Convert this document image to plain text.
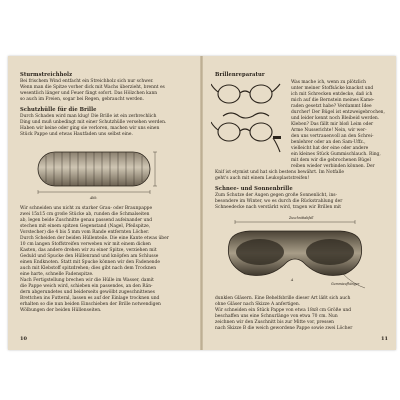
Sturmstreichholz

Bei frischem Wind entfacht ein Streichholz sich nur schwer.

Wenn man die Spitze vorher dick mit Wachs überzieht, brennt es

wesentlich länger und Feuer fängt sofort. Das Hölzchen kann

so auch im Freien, sogar bei Regen, gebraucht werden.

Schutzhülle für die Brille

Durch Schaden wird man klug! Die Brille ist ein zerbrechlich

Ding und muß unbedingt mit einer Schutzhülle versehen werden.

Haben wir keine oder ging sie verloren, machen wir uns einen

Stück Pappe und etwas Hautfaden uns selbst eine.

Abb.

Wir schneiden uns nicht zu starker Grau- oder Braunpappe

zwei 15x15 cm große Stücke ab, runden die Schmalseiten

ab, legen beide Zuschnitte genau passend aufeinander und

stechen mit einem spitzen Gegenstand (Nagel, Pfeilspitze,

Vorstecher) die 4 bis 5 mm vom Rande entfernten Löcher.

Durch Scheiden der beiden Hüllenteile. Die eine Kante etwas über

10 cm langen Stoffstreifen verweben wir mit einem dicken

Kasten, das andere drehen wir zu einer Spitze, verziehen mit

Geduld und Spucke den Hüllenrand und knöpfen am Schlusse

einen Endknoten. Statt mit Spucke können wir den Fadenende

auch mit Klebstoff spitzdrehen; dies gibt nach dem Trocknen

eine harte, schnelle Fadenspitze.

Nach Fertigstellung brechen wir die Hülle im Wasser, damit

die Pappe weich wird, schieben ein passendes, an den Rän-

dern abgerundetes und beiderseits gewölbt zugeschnittenes

Brettchen ins Futteral, lassen es auf der Einlage trocknen und

erhalten so die nun beiden Einschieben der Brille notwendigen

Wölbungen der beiden Hüllenseiten.

10
Brillenreparatur

Was mache ich, wenn zu plötzlich

unter meiner Stoffsäcke knackst und

ich mit Schrecken entdecke, daß ich

mich auf die Bernstein meines Kame-

raden gesetzt habe? Verdammt Idee

durcher! Der Bügel ist entzweigebrochen,

und leider kennt noch Bleibeid werden.

Kleben? Das fällt mir bloß Leim oder

Arme Nusserichte! Nein, wir wer-

den uns vertrauenvoll an den Schrei-

benlehrer oder an den Sam-Uffz.,

vielleicht hat der eine oder andere

ein kleines Stück Gummischlauch. Ring,

mit dem wir die gebrochenen Bügel

reiben wieder verbinden können. Der

Knif ist etymist und hat sich bestens bewährt. Im Notfalle

geht's auch mit einem Leukoplaststreifen!

Schnee- und Sonnenbrille

Zum Schutze der Augen gegen große Sonnenlicht, ins-

besondere im Winter, wo es durch die Rückstrahlung der

Schneedecke nach verstärkt wird, tragen wir Brillen mit

Zuschnittabfall
A
Gummiaufhänger

dunklen Gläsern. Eine Behelfsbrille dieser Art läßt sich auch

ohne Gläser nach Skizze A anfertigen.

Wir schneiden ein Stück Pappe von etwa 18x8 cm Größe und

beschaffen uns eine Schnurlänge von etwa 70 cm. Nun

zeichnen wir den Zuschnitt bis zur Mitte vor, pressen

nach Skizze B die weich gewordene Pappe sowie zwei Löcher

11
